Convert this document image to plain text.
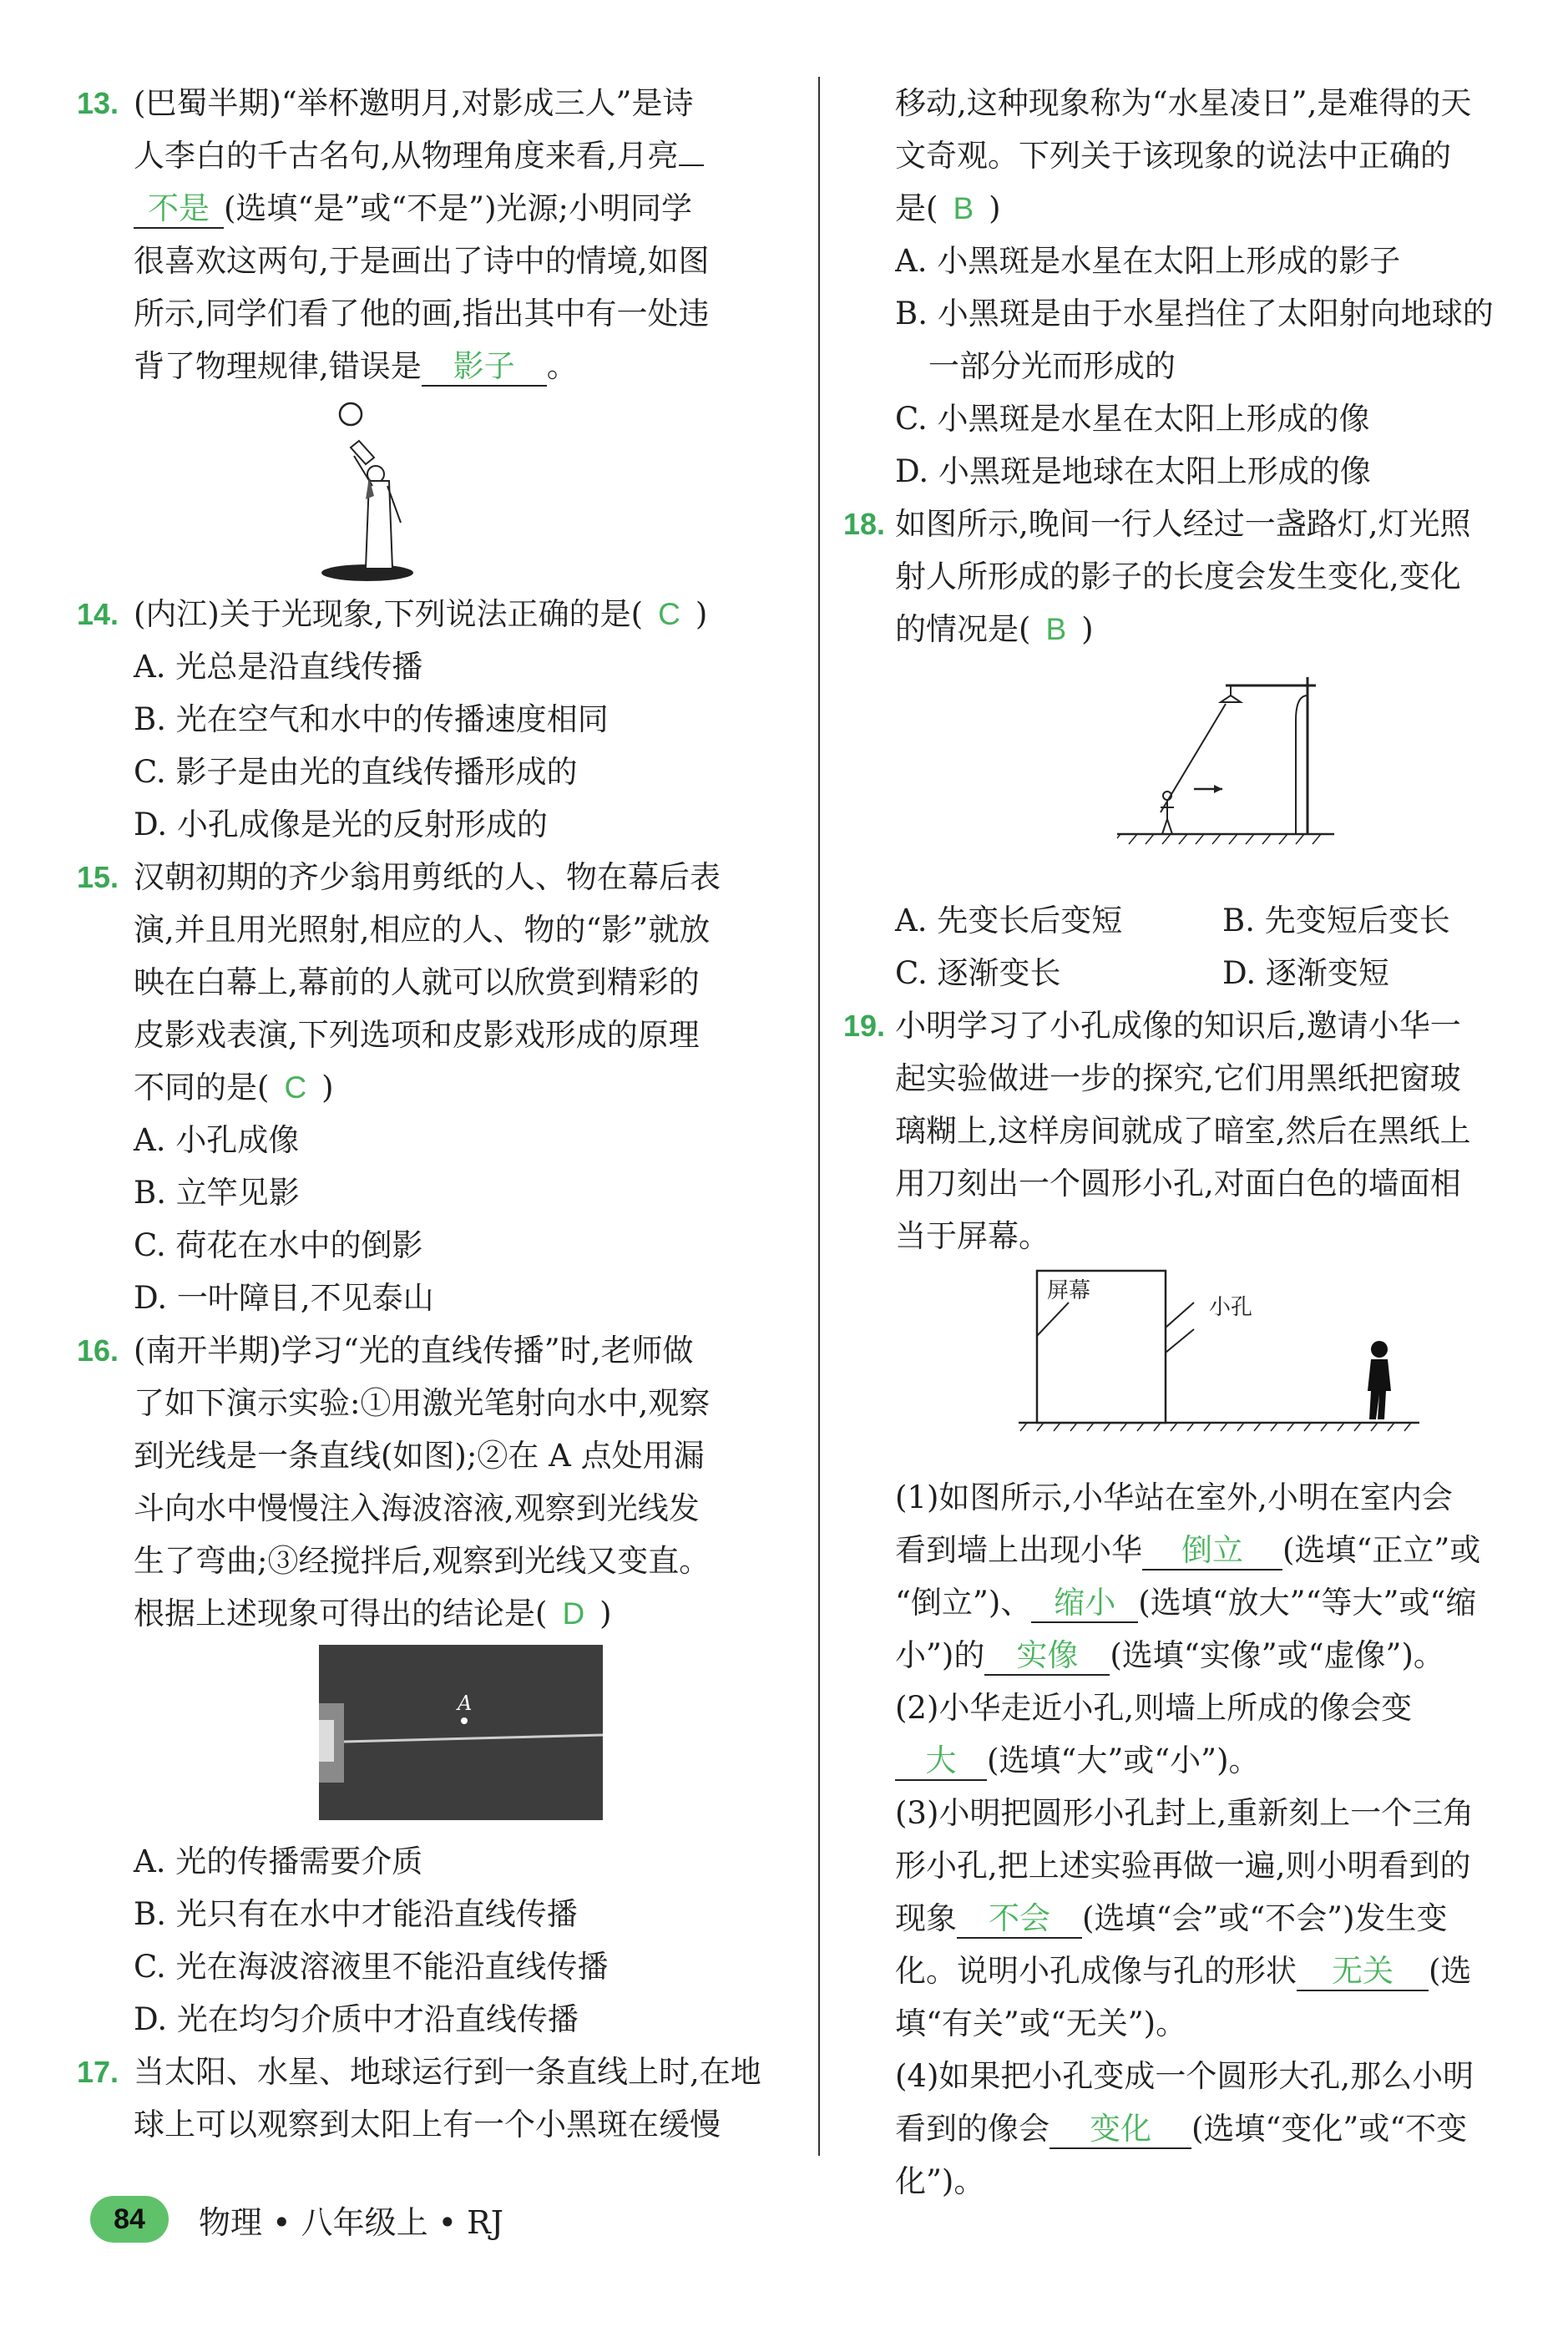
13. (巴蜀半期)“举杯邀明月,对影成三人”是诗
人李白的千古名句,从物理角度来看,月亮
不是 (选填“是”或“不是”)光源;小明同学
很喜欢这两句,于是画出了诗中的情境,如图
所示,同学们看了他的画,指出其中有一处违
背了物理规律,错误是 影子 。
14. (内江)关于光现象,下列说法正确的是( C )
A. 光总是沿直线传播
B. 光在空气和水中的传播速度相同
C. 影子是由光的直线传播形成的
D. 小孔成像是光的反射形成的
15. 汉朝初期的齐少翁用剪纸的人、物在幕后表
演,并且用光照射,相应的人、物的“影”就放
映在白幕上,幕前的人就可以欣赏到精彩的
皮影戏表演,下列选项和皮影戏形成的原理
不同的是( C )
A. 小孔成像
B. 立竿见影
C. 荷花在水中的倒影
D. 一叶障目,不见泰山
16. (南开半期)学习“光的直线传播”时,老师做
了如下演示实验:①用激光笔射向水中,观察
到光线是一条直线(如图);②在 A 点处用漏
斗向水中慢慢注入海波溶液,观察到光线发
生了弯曲;③经搅拌后,观察到光线又变直。
根据上述现象可得出的结论是( D )
A
A. 光的传播需要介质
B. 光只有在水中才能沿直线传播
C. 光在海波溶液里不能沿直线传播
D. 光在均匀介质中才沿直线传播
17. 当太阳、水星、地球运行到一条直线上时,在地
球上可以观察到太阳上有一个小黑斑在缓慢
移动,这种现象称为“水星凌日”,是难得的天
文奇观。下列关于该现象的说法中正确的
是( B )
A. 小黑斑是水星在太阳上形成的影子
B. 小黑斑是由于水星挡住了太阳射向地球的
一部分光而形成的
C. 小黑斑是水星在太阳上形成的像
D. 小黑斑是地球在太阳上形成的像
18. 如图所示,晚间一行人经过一盏路灯,灯光照
射人所形成的影子的长度会发生变化,变化
的情况是( B )
A. 先变长后变短	B. 先变短后变长
C. 逐渐变长	D. 逐渐变短
19. 小明学习了小孔成像的知识后,邀请小华一
起实验做进一步的探究,它们用黑纸把窗玻
璃糊上,这样房间就成了暗室,然后在黑纸上
用刀刻出一个圆形小孔,对面白色的墙面相
当于屏幕。
屏幕
小孔
(1)如图所示,小华站在室外,小明在室内会
看到墙上出现小华 倒立 (选填“正立”或
“倒立”)、 缩小 (选填“放大”“等大”或“缩
小”)的 实像 (选填“实像”或“虚像”)。
(2)小华走近小孔,则墙上所成的像会变
大 (选填“大”或“小”)。
(3)小明把圆形小孔封上,重新刻上一个三角
形小孔,把上述实验再做一遍,则小明看到的
现象 不会 (选填“会”或“不会”)发生变
化。说明小孔成像与孔的形状 无关 (选
填“有关”或“无关”)。
(4)如果把小孔变成一个圆形大孔,那么小明
看到的像会 变化 (选填“变化”或“不变
化”)。
84	物理 • 八年级上 • RJ
